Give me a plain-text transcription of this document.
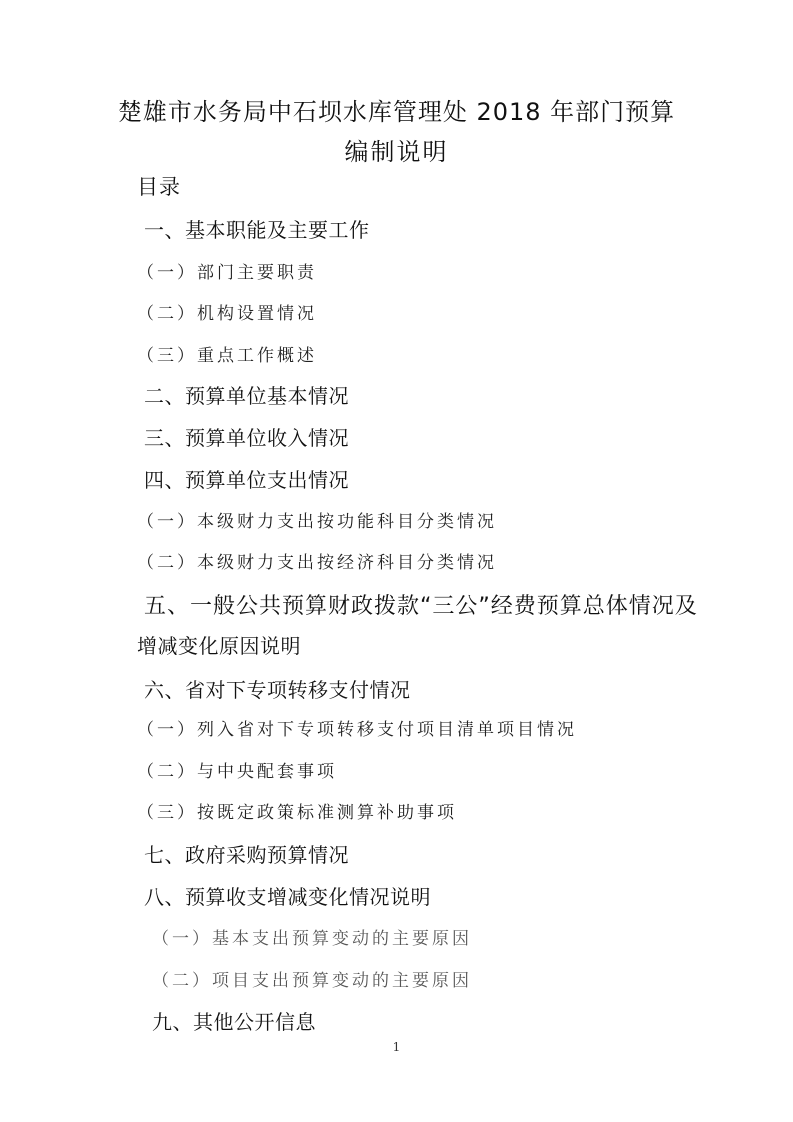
楚雄市水务局中石坝水库管理处 2018 年部门预算
编制说明
目录
一、基本职能及主要工作
（一）部门主要职责
（二）机构设置情况
（三）重点工作概述
二、预算单位基本情况
三、预算单位收入情况
四、预算单位支出情况
（一）本级财力支出按功能科目分类情况
（二）本级财力支出按经济科目分类情况
五、一般公共预算财政拨款“三公”经费预算总体情况及
增减变化原因说明
六、省对下专项转移支付情况
（一）列入省对下专项转移支付项目清单项目情况
（二）与中央配套事项
（三）按既定政策标准测算补助事项
七、政府采购预算情况
八、预算收支增减变化情况说明
（一）基本支出预算变动的主要原因
（二）项目支出预算变动的主要原因
九、其他公开信息
1
